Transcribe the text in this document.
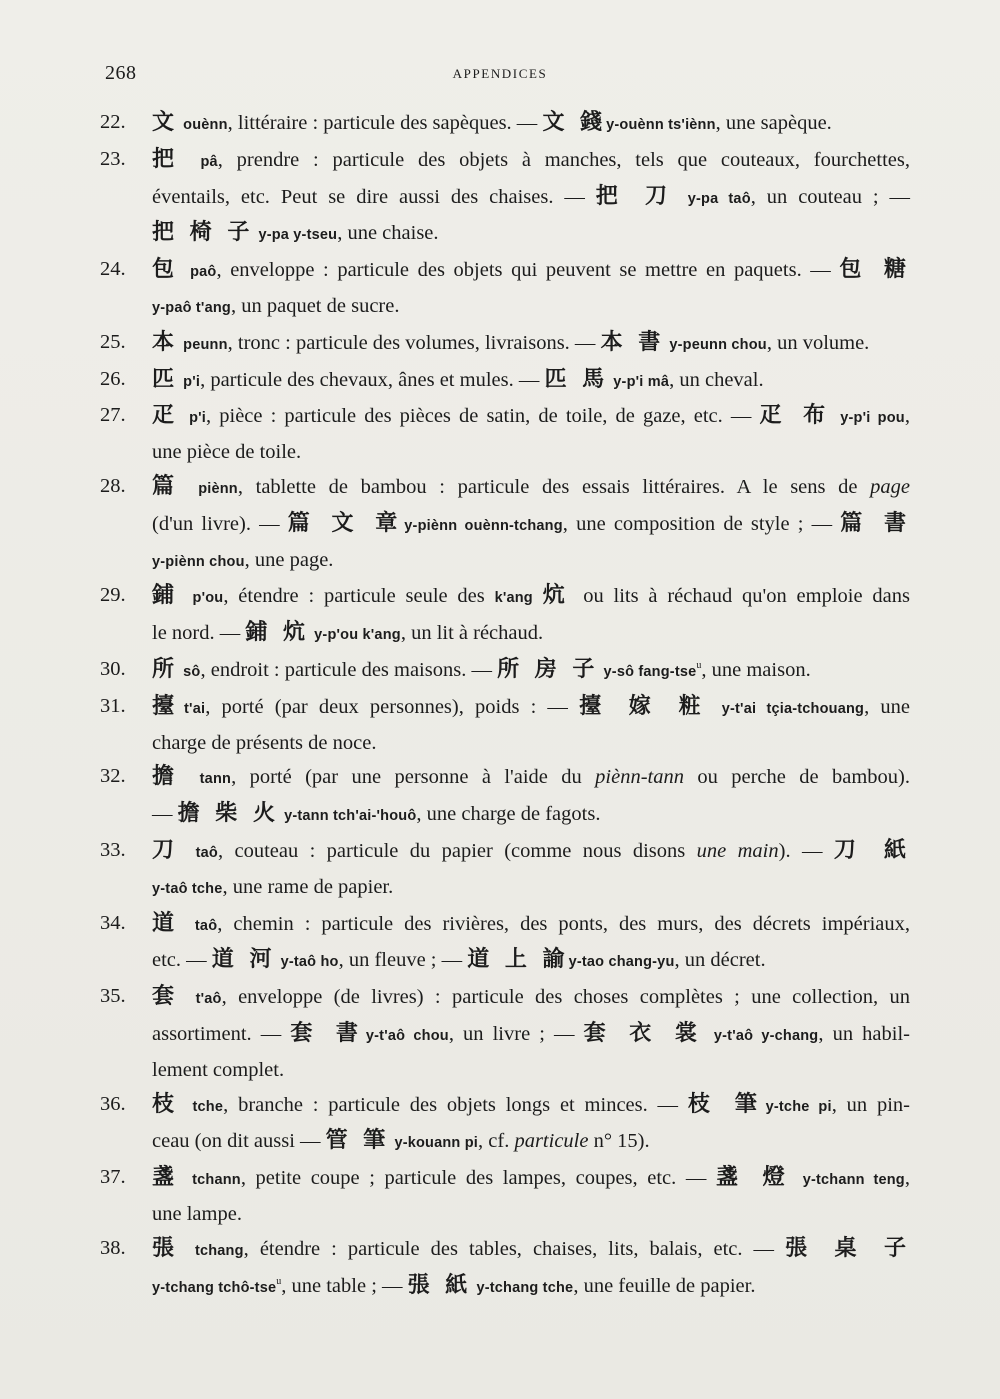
268	APPENDICES
22.	文 ouènn, littéraire : particule des sapèques. — 文 錢y-ouènn ts'iènn, une sapèque.
23.	把 pâ, prendre : particule des objets à manches, tels que couteaux, fourchettes,
éventails, etc. Peut se dire aussi des chaises. — 把 刀 y-pa taô, un couteau ; —
把 椅 子 y-pa y-tseu, une chaise.
24.	包 paô, enveloppe : particule des objets qui peuvent se mettre en paquets. — 包 糖
y-paô t'ang, un paquet de sucre.
25.	本 peunn, tronc : particule des volumes, livraisons. — 本 書 y-peunn chou, un volume.
26.	匹 p'i, particule des chevaux, ânes et mules. — 匹 馬 y-p'i mâ, un cheval.
27.	疋 p'i, pièce : particule des pièces de satin, de toile, de gaze, etc. — 疋 布 y-p'i pou,
une pièce de toile.
28.	篇 piènn, tablette de bambou : particule des essais littéraires. A le sens de page
(d'un livre). — 篇 文 章y-piènn ouènn-tchang, une composition de style ; — 篇 書
y-piènn chou, une page.
29.	鋪 p'ou, étendre : particule seule des k'ang 炕 ou lits à réchaud qu'on emploie dans
le nord. — 鋪 炕 y-p'ou k'ang, un lit à réchaud.
30.	所 sô, endroit : particule des maisons. — 所 房 子 y-sô fang-tse$^u$, une maison.
31.	擡t'ai, porté (par deux personnes), poids : — 擡 嫁 粧 y-t'ai tçia-tchouang, une
charge de présents de noce.
32.	擔 tann, porté (par une personne à l'aide du piènn-tann ou perche de bambou).
— 擔 柴 火 y-tann tch'ai-'houô, une charge de fagots.
33.	刀 taô, couteau : particule du papier (comme nous disons une main). — 刀 紙
y-taô tche, une rame de papier.
34.	道 taô, chemin : particule des rivières, des ponts, des murs, des décrets impériaux,
etc. — 道 河 y-taô ho, un fleuve ; — 道 上 諭y-tao chang-yu, un décret.
35.	套 t'aô, enveloppe (de livres) : particule des choses complètes ; une collection, un
assortiment. — 套 書y-t'aô chou, un livre ; — 套 衣 裳 y-t'aô y-chang, un habil-
lement complet.
36.	枝 tche, branche : particule des objets longs et minces. — 枝 筆y-tche pi, un pin-
ceau (on dit aussi — 管 筆 y-kouann pi, cf. particule n° 15).
37.	盞 tchann, petite coupe ; particule des lampes, coupes, etc. — 盞 燈 y-tchann teng,
une lampe.
38.	張 tchang, étendre : particule des tables, chaises, lits, balais, etc. — 張 桌 子
y-tchang tchô-tse$^u$, une table ; — 張 紙 y-tchang tche, une feuille de papier.
